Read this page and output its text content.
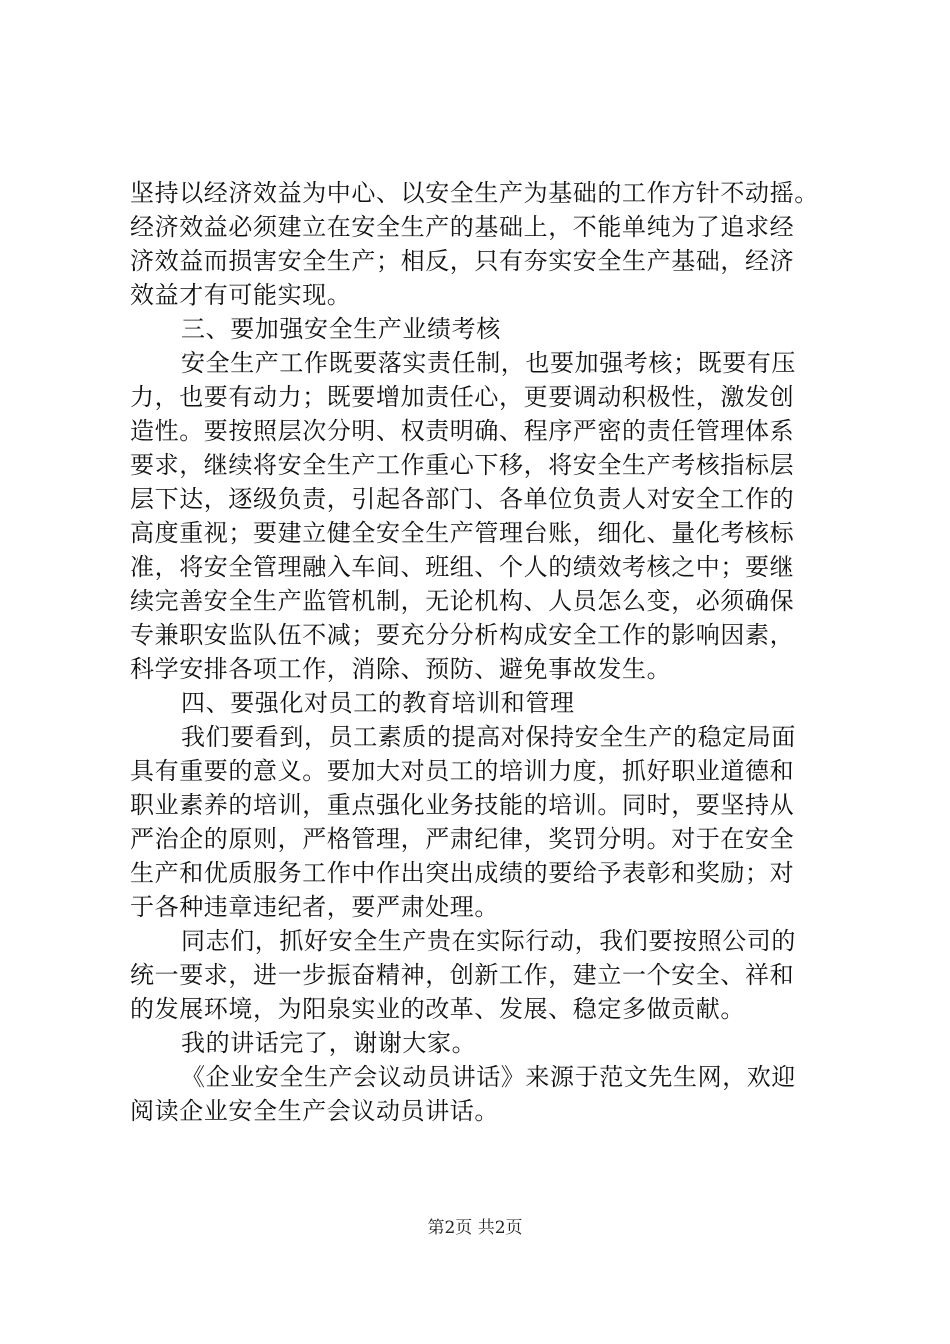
坚持以经济效益为中心、以安全生产为基础的工作方针不动摇。
经济效益必须建立在安全生产的基础上，不能单纯为了追求经
济效益而损害安全生产；相反，只有夯实安全生产基础，经济
效益才有可能实现。
三、要加强安全生产业绩考核
安全生产工作既要落实责任制，也要加强考核；既要有压
力，也要有动力；既要增加责任心，更要调动积极性，激发创
造性。要按照层次分明、权责明确、程序严密的责任管理体系
要求，继续将安全生产工作重心下移，将安全生产考核指标层
层下达，逐级负责，引起各部门、各单位负责人对安全工作的
高度重视；要建立健全安全生产管理台账，细化、量化考核标
准，将安全管理融入车间、班组、个人的绩效考核之中；要继
续完善安全生产监管机制，无论机构、人员怎么变，必须确保
专兼职安监队伍不减；要充分分析构成安全工作的影响因素，
科学安排各项工作，消除、预防、避免事故发生。
四、要强化对员工的教育培训和管理
我们要看到，员工素质的提高对保持安全生产的稳定局面
具有重要的意义。要加大对员工的培训力度，抓好职业道德和
职业素养的培训，重点强化业务技能的培训。同时，要坚持从
严治企的原则，严格管理，严肃纪律，奖罚分明。对于在安全
生产和优质服务工作中作出突出成绩的要给予表彰和奖励；对
于各种违章违纪者，要严肃处理。
同志们，抓好安全生产贵在实际行动，我们要按照公司的
统一要求，进一步振奋精神，创新工作，建立一个安全、祥和
的发展环境，为阳泉实业的改革、发展、稳定多做贡献。
我的讲话完了，谢谢大家。
《企业安全生产会议动员讲话》来源于范文先生网，欢迎
阅读企业安全生产会议动员讲话。
第2页 共2页
